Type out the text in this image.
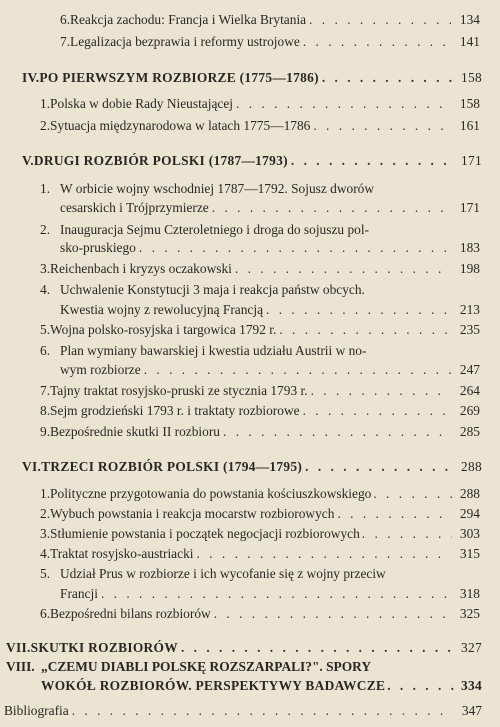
6. Reakcja zachodu: Francja i Wielka Brytania . . .	134
7. Legalizacja bezprawia i reformy ustrojowe . . .	141
IV. PO PIERWSZYM ROZBIORZE (1775—1786) . . .	158
1. Polska w dobie Rady Nieustającej . . .	158
2. Sytuacja międzynarodowa w latach 1775—1786 . . .	161
V. DRUGI ROZBIÓR POLSKI (1787—1793) . . .	171
1. W orbicie wojny wschodniej 1787—1792. Sojusz dworów
cesarskich i Trójprzymierze . . .	171
2. Inauguracja Sejmu Czteroletniego i droga do sojuszu pol-
sko-pruskiego . . .	183
3. Reichenbach i kryzys oczakowski . . .	198
4. Uchwalenie Konstytucji 3 maja i reakcja państw obcych.
Kwestia wojny z rewolucyjną Francją . . .	213
5. Wojna polsko-rosyjska i targowica 1792 r. . . .	235
6. Plan wymiany bawarskiej i kwestia udziału Austrii w no-
wym rozbiorze . . .	247
7. Tajny traktat rosyjsko-pruski ze stycznia 1793 r. . . .	264
8. Sejm grodzieński 1793 r. i traktaty rozbiorowe . . .	269
9. Bezpośrednie skutki II rozbioru . . .	285
VI. TRZECI ROZBIÓR POLSKI (1794—1795) . . .	288
1. Polityczne przygotowania do powstania kościuszkowskiego . . .	288
2. Wybuch powstania i reakcja mocarstw rozbiorowych . . .	294
3. Stłumienie powstania i początek negocjacji rozbiorowych . . .	303
4. Traktat rosyjsko-austriacki . . .	315
5. Udział Prus w rozbiorze i ich wycofanie się z wojny przeciw
Francji . . .	318
6. Bezpośredni bilans rozbiorów . . .	325
VII. SKUTKI ROZBIORÓW . . .	327
VIII. „CZEMU DIABLI POLSKĘ ROZSZARPALI?". SPORY
WOKÓŁ ROZBIORÓW. PERSPEKTYWY BADAWCZE . . .	334
Bibliografia . . .	347
